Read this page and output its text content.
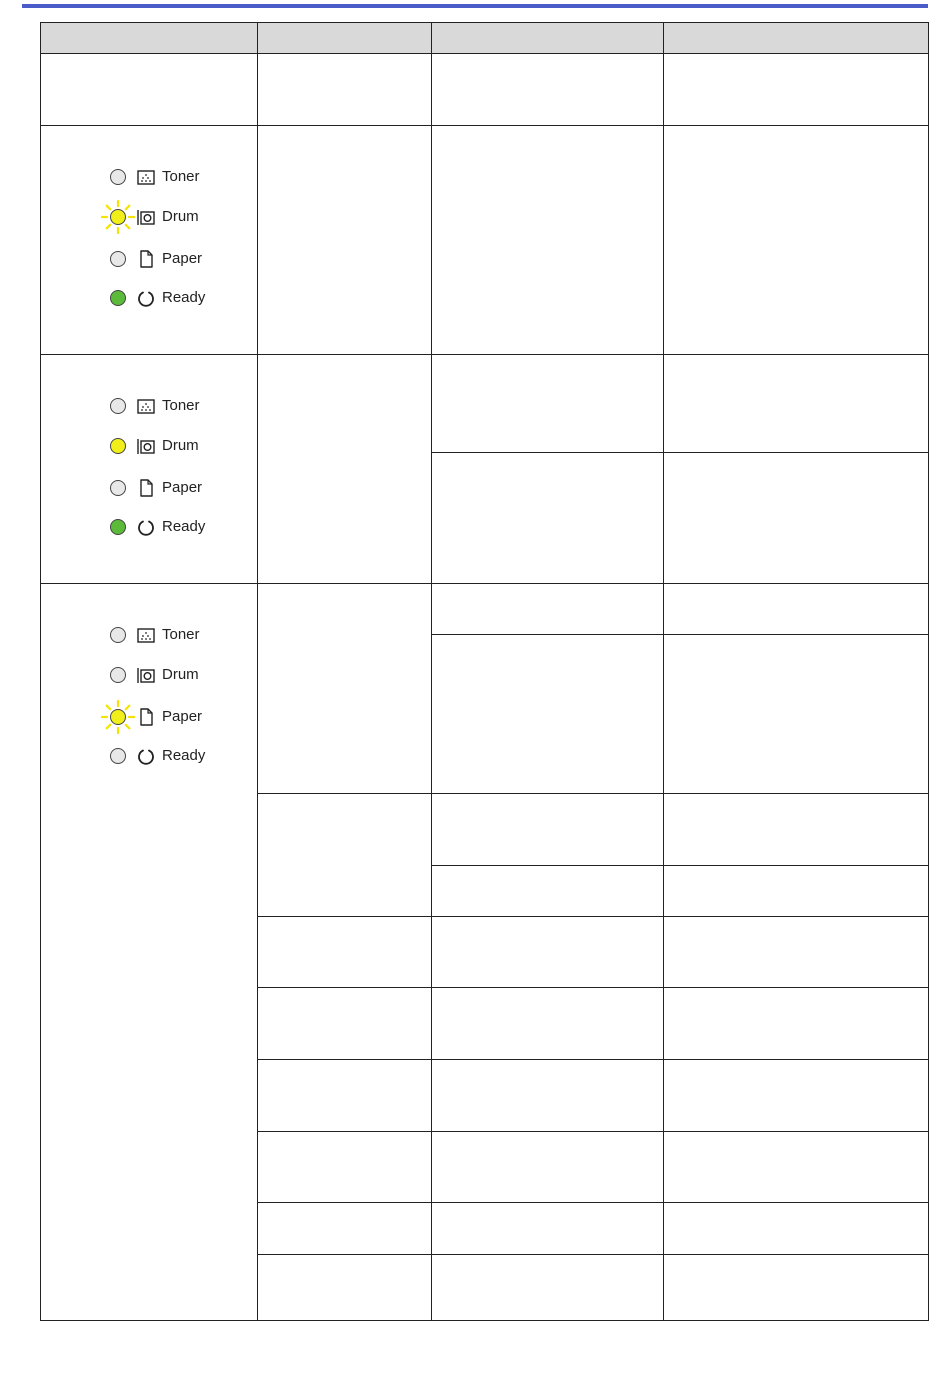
Toner
Drum
Paper
Ready			

Toner
Drum
Paper
Ready			

Toner
Drum
Paper
Ready			
